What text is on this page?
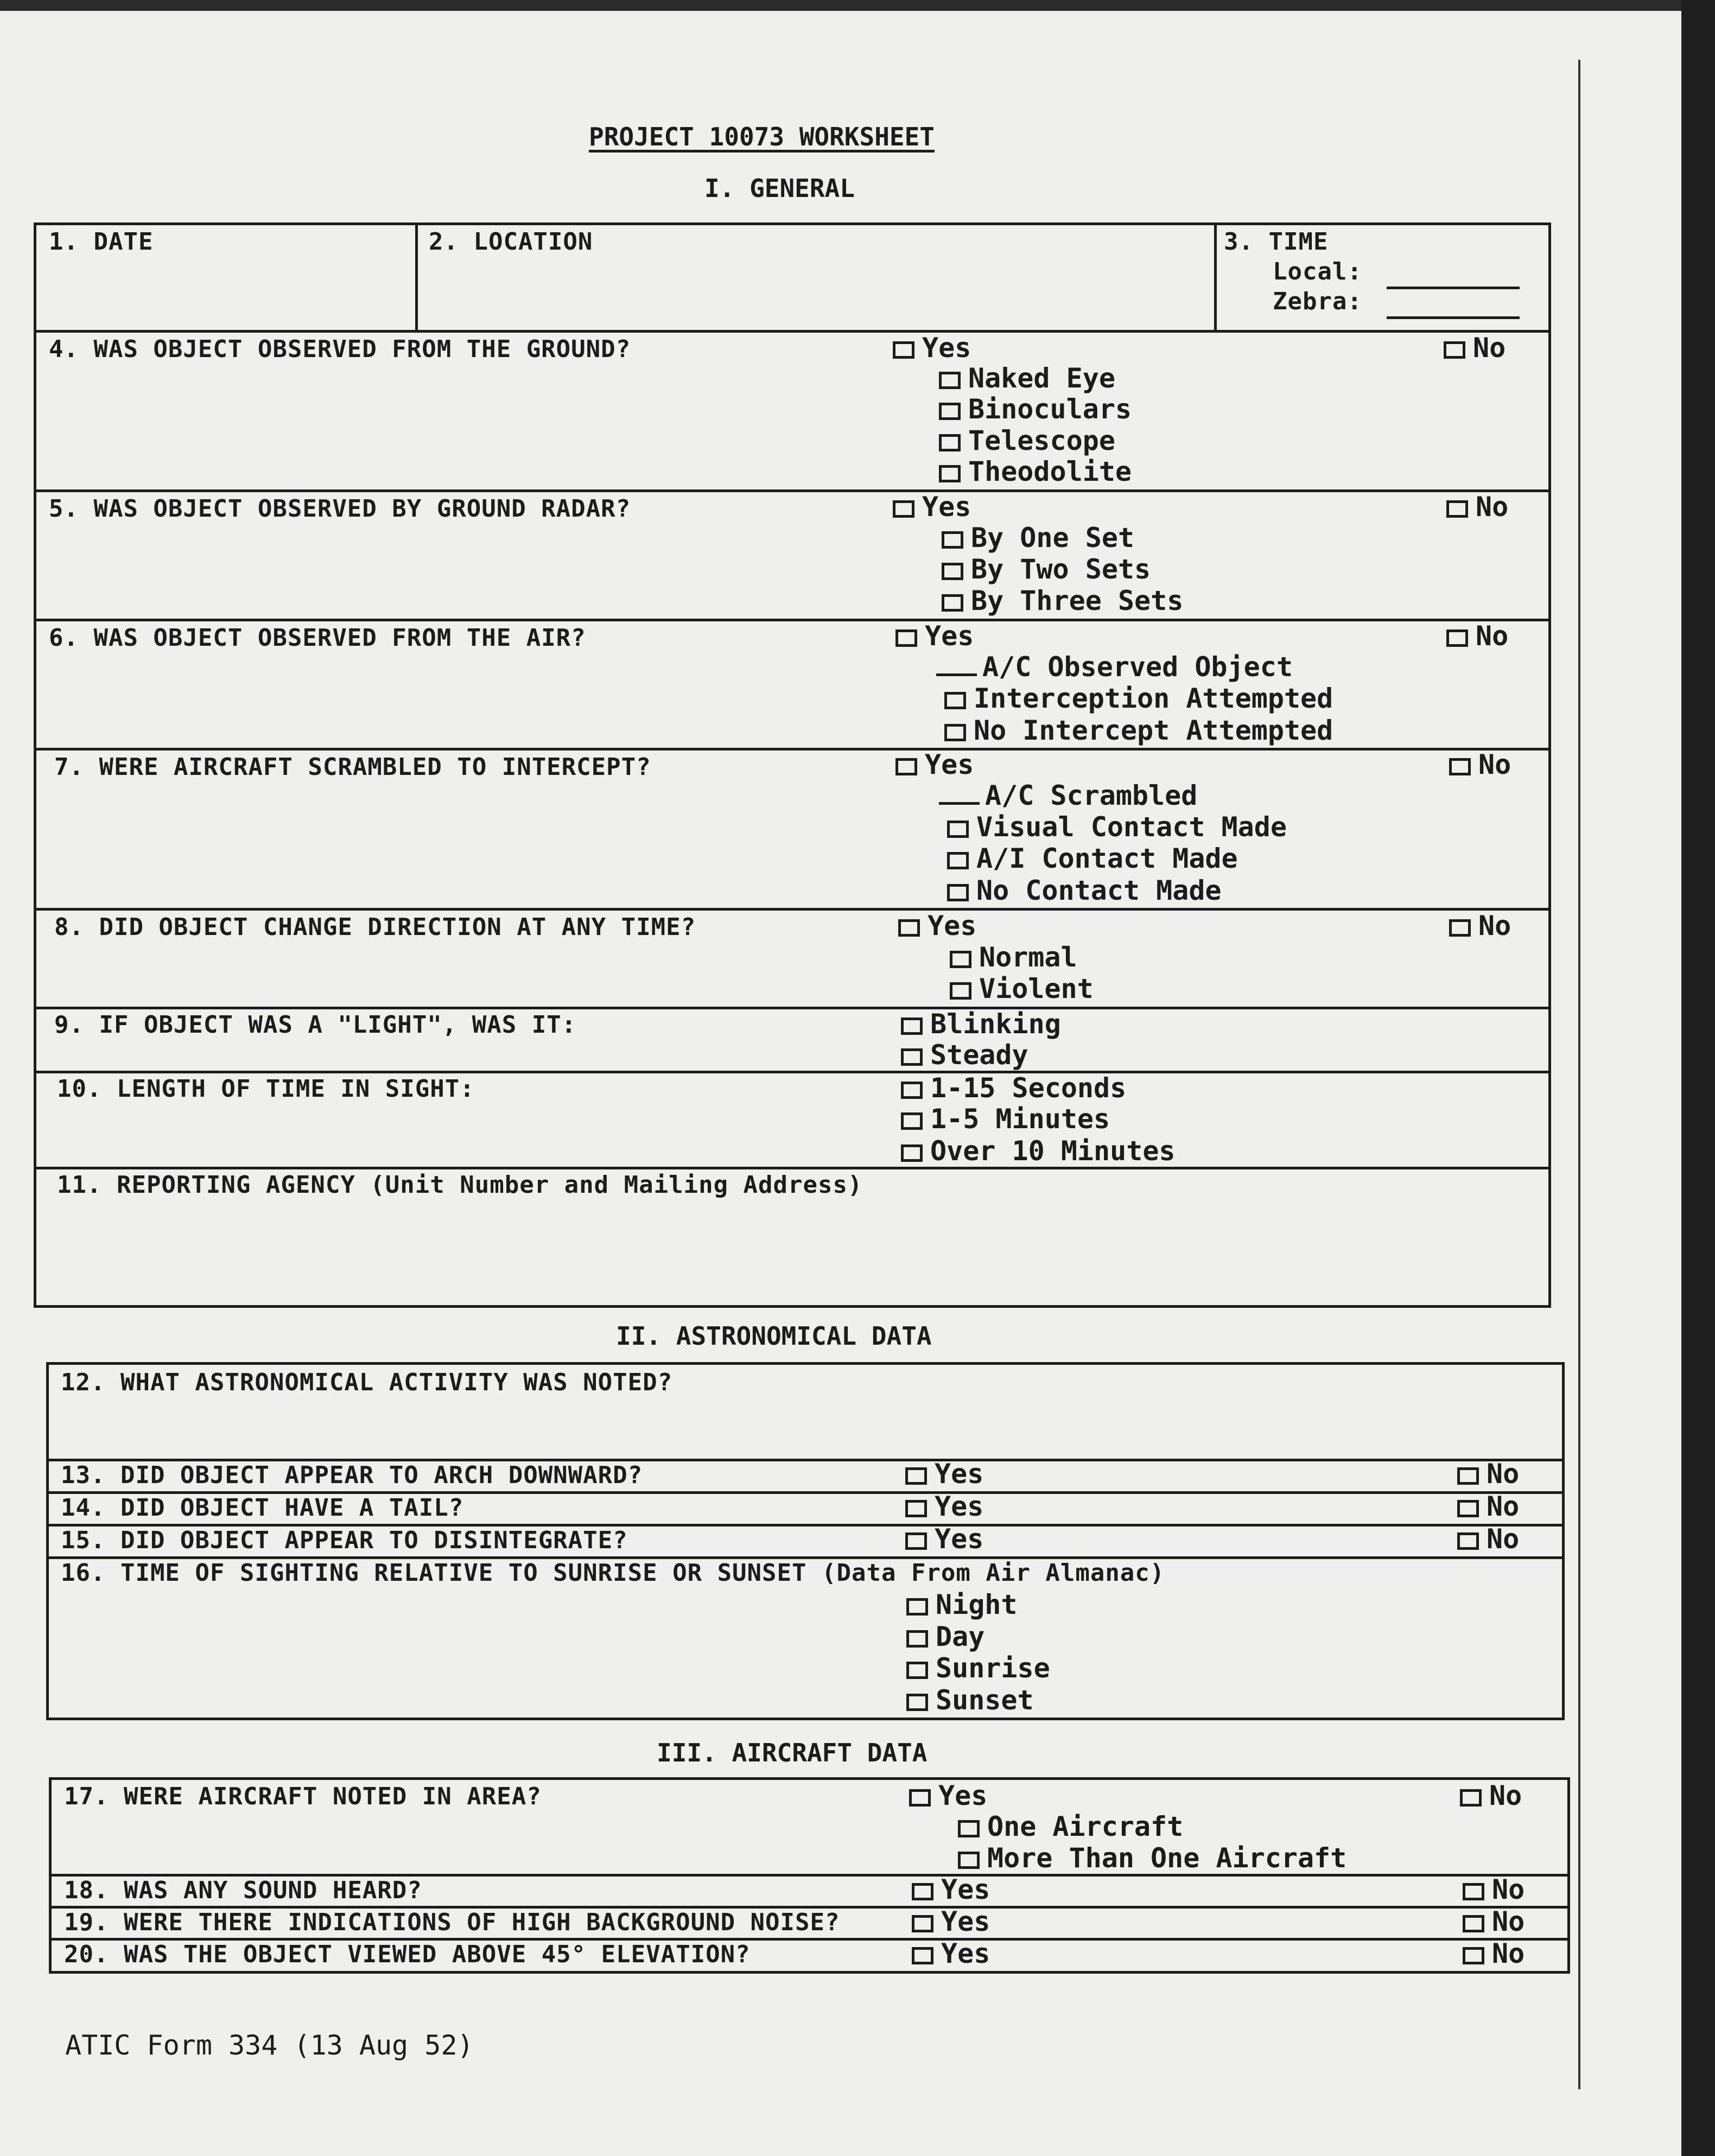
PROJECT 10073 WORKSHEET
I. GENERAL
1. DATE	2. LOCATION	3. TIME
Local:
Zebra:
4. WAS OBJECT OBSERVED FROM THE GROUND?	Yes	No
Naked Eye
Binoculars
Telescope
Theodolite
5. WAS OBJECT OBSERVED BY GROUND RADAR?	Yes	No
By One Set
By Two Sets
By Three Sets
6. WAS OBJECT OBSERVED FROM THE AIR?	Yes	No
A/C Observed Object
Interception Attempted
No Intercept Attempted
7. WERE AIRCRAFT SCRAMBLED TO INTERCEPT?	Yes	No
A/C Scrambled
Visual Contact Made
A/I Contact Made
No Contact Made
8. DID OBJECT CHANGE DIRECTION AT ANY TIME?	Yes	No
Normal
Violent
9. IF OBJECT WAS A "LIGHT", WAS IT:	Blinking
Steady
10. LENGTH OF TIME IN SIGHT:	1-15 Seconds
1-5 Minutes
Over 10 Minutes
11. REPORTING AGENCY (Unit Number and Mailing Address)
II. ASTRONOMICAL DATA
12. WHAT ASTRONOMICAL ACTIVITY WAS NOTED?
13. DID OBJECT APPEAR TO ARCH DOWNWARD?	Yes	No
14. DID OBJECT HAVE A TAIL?	Yes	No
15. DID OBJECT APPEAR TO DISINTEGRATE?	Yes	No
16. TIME OF SIGHTING RELATIVE TO SUNRISE OR SUNSET (Data From Air Almanac)
Night
Day
Sunrise
Sunset
III. AIRCRAFT DATA
17. WERE AIRCRAFT NOTED IN AREA?	Yes	No
One Aircraft
More Than One Aircraft
18. WAS ANY SOUND HEARD?	Yes	No
19. WERE THERE INDICATIONS OF HIGH BACKGROUND NOISE?	Yes	No
20. WAS THE OBJECT VIEWED ABOVE 45° ELEVATION?	Yes	No
ATIC Form 334 (13 Aug 52)
